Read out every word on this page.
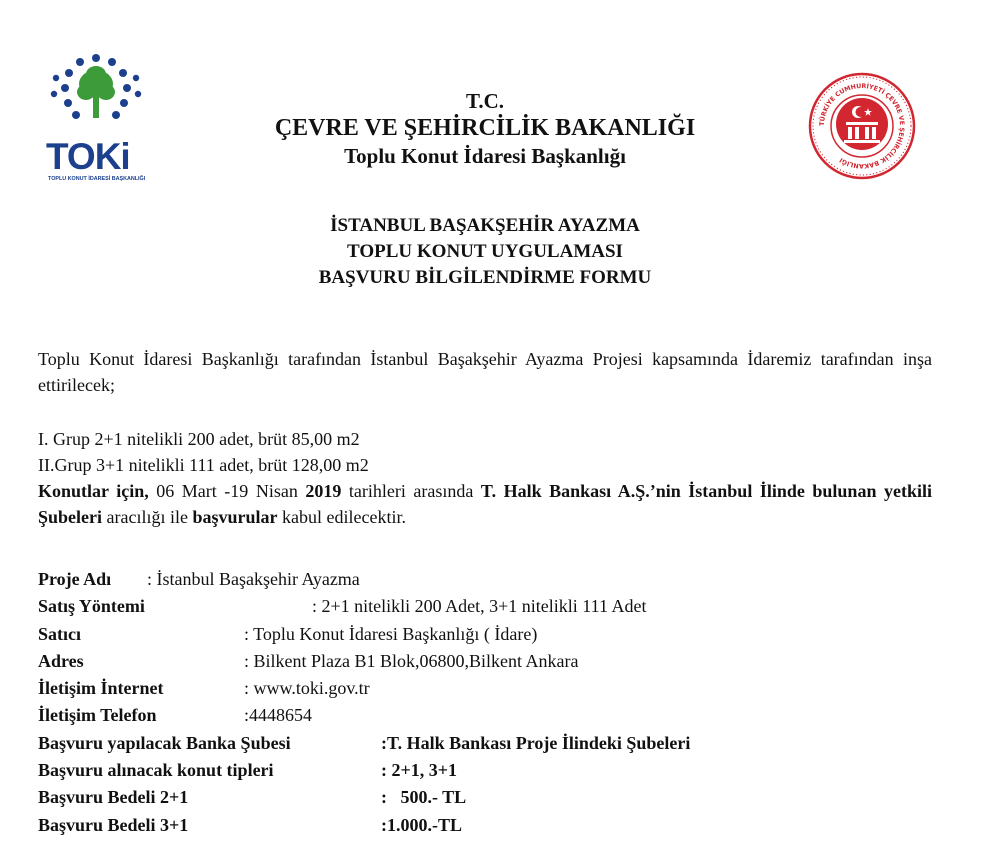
TOKi
TOPLU KONUT İDARESİ BAŞKANLIĞI
TÜRKİYE CUMHURİYETİ ÇEVRE VE ŞEHİRCİLİK BAKANLIĞI
T.C.
ÇEVRE VE ŞEHİRCİLİK BAKANLIĞI
Toplu Konut İdaresi Başkanlığı
İSTANBUL BAŞAKŞEHİR AYAZMA
TOPLU KONUT UYGULAMASI
BAŞVURU BİLGİLENDİRME FORMU
Toplu Konut İdaresi Başkanlığı tarafından İstanbul Başakşehir Ayazma Projesi kapsamında İdaremiz tarafından inşa ettirilecek;
I. Grup 2+1 nitelikli 200 adet, brüt 85,00 m2
II.Grup 3+1 nitelikli 111 adet, brüt 128,00 m2
Konutlar için, 06 Mart -19 Nisan 2019 tarihleri arasında T. Halk Bankası A.Ş.’nin İstanbul İlinde bulunan yetkili Şubeleri aracılığı ile başvurular kabul edilecektir.
Proje Adı : İstanbul Başakşehir Ayazma
Satış Yöntemi	: 2+1 nitelikli 200 Adet, 3+1 nitelikli 111 Adet
Satıcı	: Toplu Konut İdaresi Başkanlığı ( İdare)
Adres	: Bilkent Plaza B1 Blok,06800,Bilkent Ankara
İletişim İnternet	: www.toki.gov.tr
İletişim Telefon	:4448654
Başvuru yapılacak Banka Şubesi	:T. Halk Bankası Proje İlindeki Şubeleri
Başvuru alınacak konut tipleri	: 2+1, 3+1
Başvuru Bedeli 2+1	:   500.- TL
Başvuru Bedeli 3+1	:1.000.-TL
